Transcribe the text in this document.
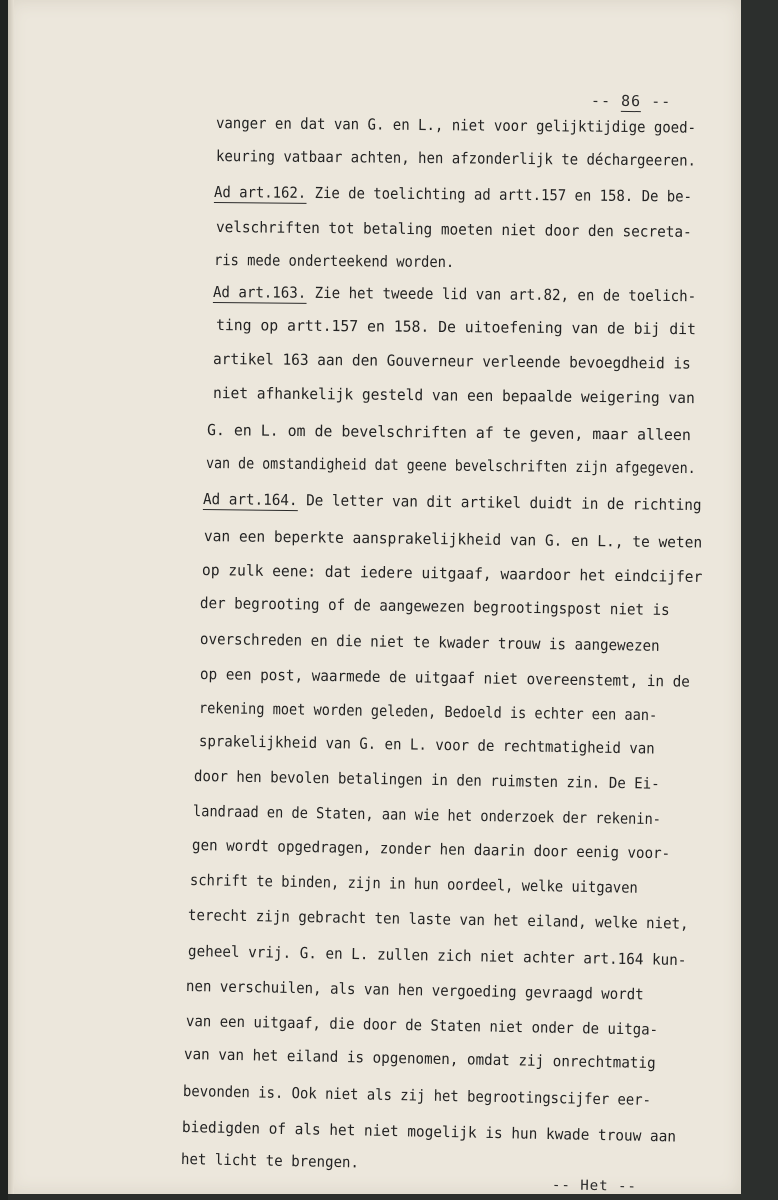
-- 86 --
vanger en dat van G. en L., niet voor gelijktijdige goed-
keuring vatbaar achten, hen afzonderlijk te déchargeeren.
Ad art.162. Zie de toelichting ad artt.157 en 158. De be-
velschriften tot betaling moeten niet door den secreta-
ris mede onderteekend worden.
Ad art.163. Zie het tweede lid van art.82, en de toelich-
ting op artt.157 en 158. De uitoefening van de bij dit
artikel 163 aan den Gouverneur verleende bevoegdheid is
niet afhankelijk gesteld van een bepaalde weigering van
G. en L. om de bevelschriften af te geven, maar alleen
van de omstandigheid dat geene bevelschriften zijn afgegeven.
Ad art.164. De letter van dit artikel duidt in de richting
van een beperkte aansprakelijkheid van G. en L., te weten
op zulk eene: dat iedere uitgaaf, waardoor het eindcijfer
der begrooting of de aangewezen begrootingspost niet is
overschreden en die niet te kwader trouw is aangewezen
op een post, waarmede de uitgaaf niet overeenstemt, in de
rekening moet worden geleden, Bedoeld is echter een aan-
sprakelijkheid van G. en L. voor de rechtmatigheid van
door hen bevolen betalingen in den ruimsten zin. De Ei-
landraad en de Staten, aan wie het onderzoek der rekenin-
gen wordt opgedragen, zonder hen daarin door eenig voor-
schrift te binden, zijn in hun oordeel, welke uitgaven
terecht zijn gebracht ten laste van het eiland, welke niet,
geheel vrij. G. en L. zullen zich niet achter art.164 kun-
nen verschuilen, als van hen vergoeding gevraagd wordt
van een uitgaaf, die door de Staten niet onder de uitga-
van van het eiland is opgenomen, omdat zij onrechtmatig
bevonden is. Ook niet als zij het begrootingscijfer eer-
biedigden of als het niet mogelijk is hun kwade trouw aan
het licht te brengen.
-- Het --
